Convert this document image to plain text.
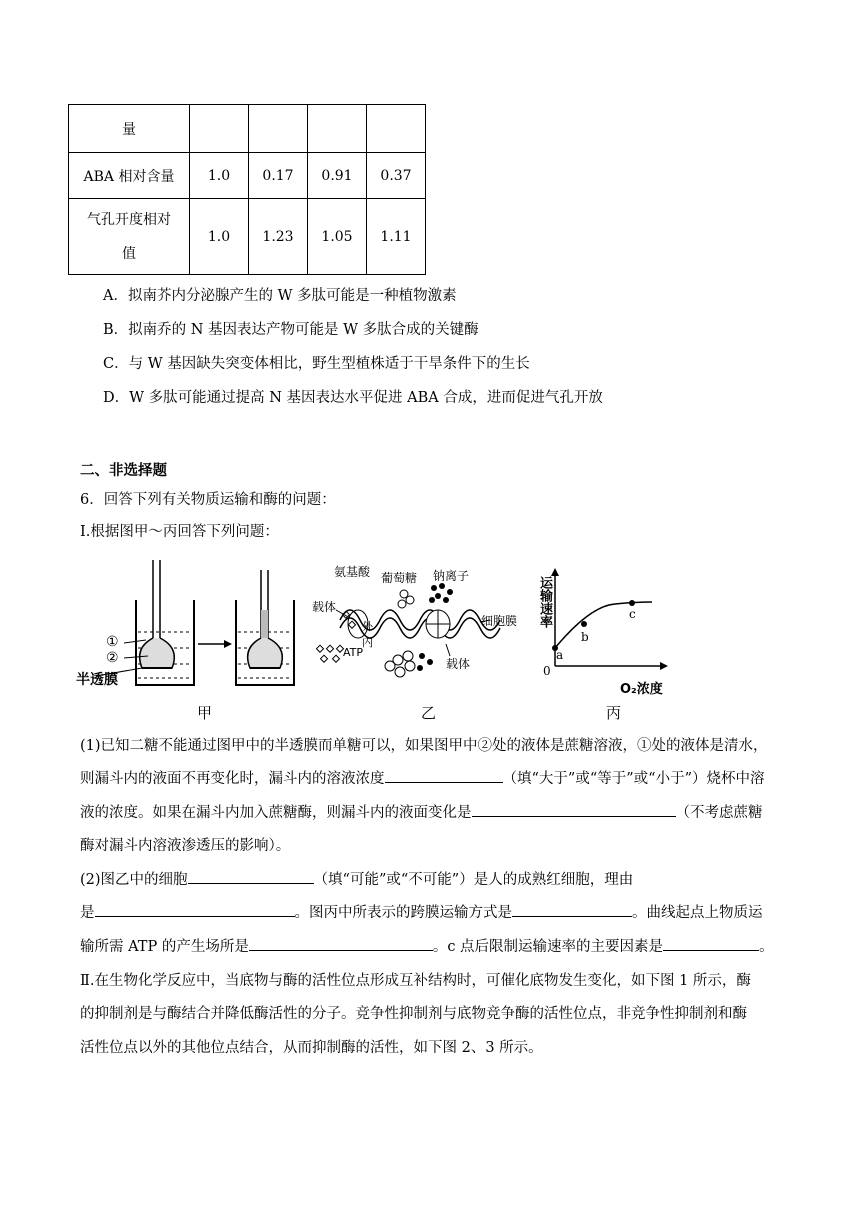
量				
ABA 相对含量	1.0	0.17	0.91	0.37
气孔开度相对
值	1.0	1.23	1.05	1.11
A．拟南芥内分泌腺产生的 W 多肽可能是一种植物激素
B．拟南乔的 N 基因表达产物可能是 W 多肽合成的关键酶
C．与 W 基因缺失突变体相比，野生型植株适于干旱条件下的生长
D．W 多肽可能通过提高 N 基因表达水平促进 ABA 合成，进而促进气孔开放
二、非选择题
6．回答下列有关物质运输和酶的问题：
Ⅰ.根据图甲～丙回答下列问题：
①
②
半透膜
甲
氨基酸 葡萄糖 钠离子
载体
细胞膜
外
内
ATP
载体
乙
运输速率
a
b
c
0
O₂浓度
丙
(1)已知二糖不能通过图甲中的半透膜而单糖可以，如果图甲中②处的液体是蔗糖溶液，①处的液体是清水，
则漏斗内的液面不再变化时，漏斗内的溶液浓度	（填“大于”或“等于”或“小于”）烧杯中溶
液的浓度。如果在漏斗内加入蔗糖酶，则漏斗内的液面变化是	（不考虑蔗糖
酶对漏斗内溶液渗透压的影响）。
(2)图乙中的细胞	（填“可能”或“不可能”）是人的成熟红细胞，理由
是	。图丙中所表示的跨膜运输方式是	。曲线起点上物质运
输所需 ATP 的产生场所是	。c 点后限制运输速率的主要因素是	。
Ⅱ.在生物化学反应中，当底物与酶的活性位点形成互补结构时，可催化底物发生变化，如下图 1 所示，酶
的抑制剂是与酶结合并降低酶活性的分子。竞争性抑制剂与底物竞争酶的活性位点，非竞争性抑制剂和酶
活性位点以外的其他位点结合，从而抑制酶的活性，如下图 2、3 所示。
